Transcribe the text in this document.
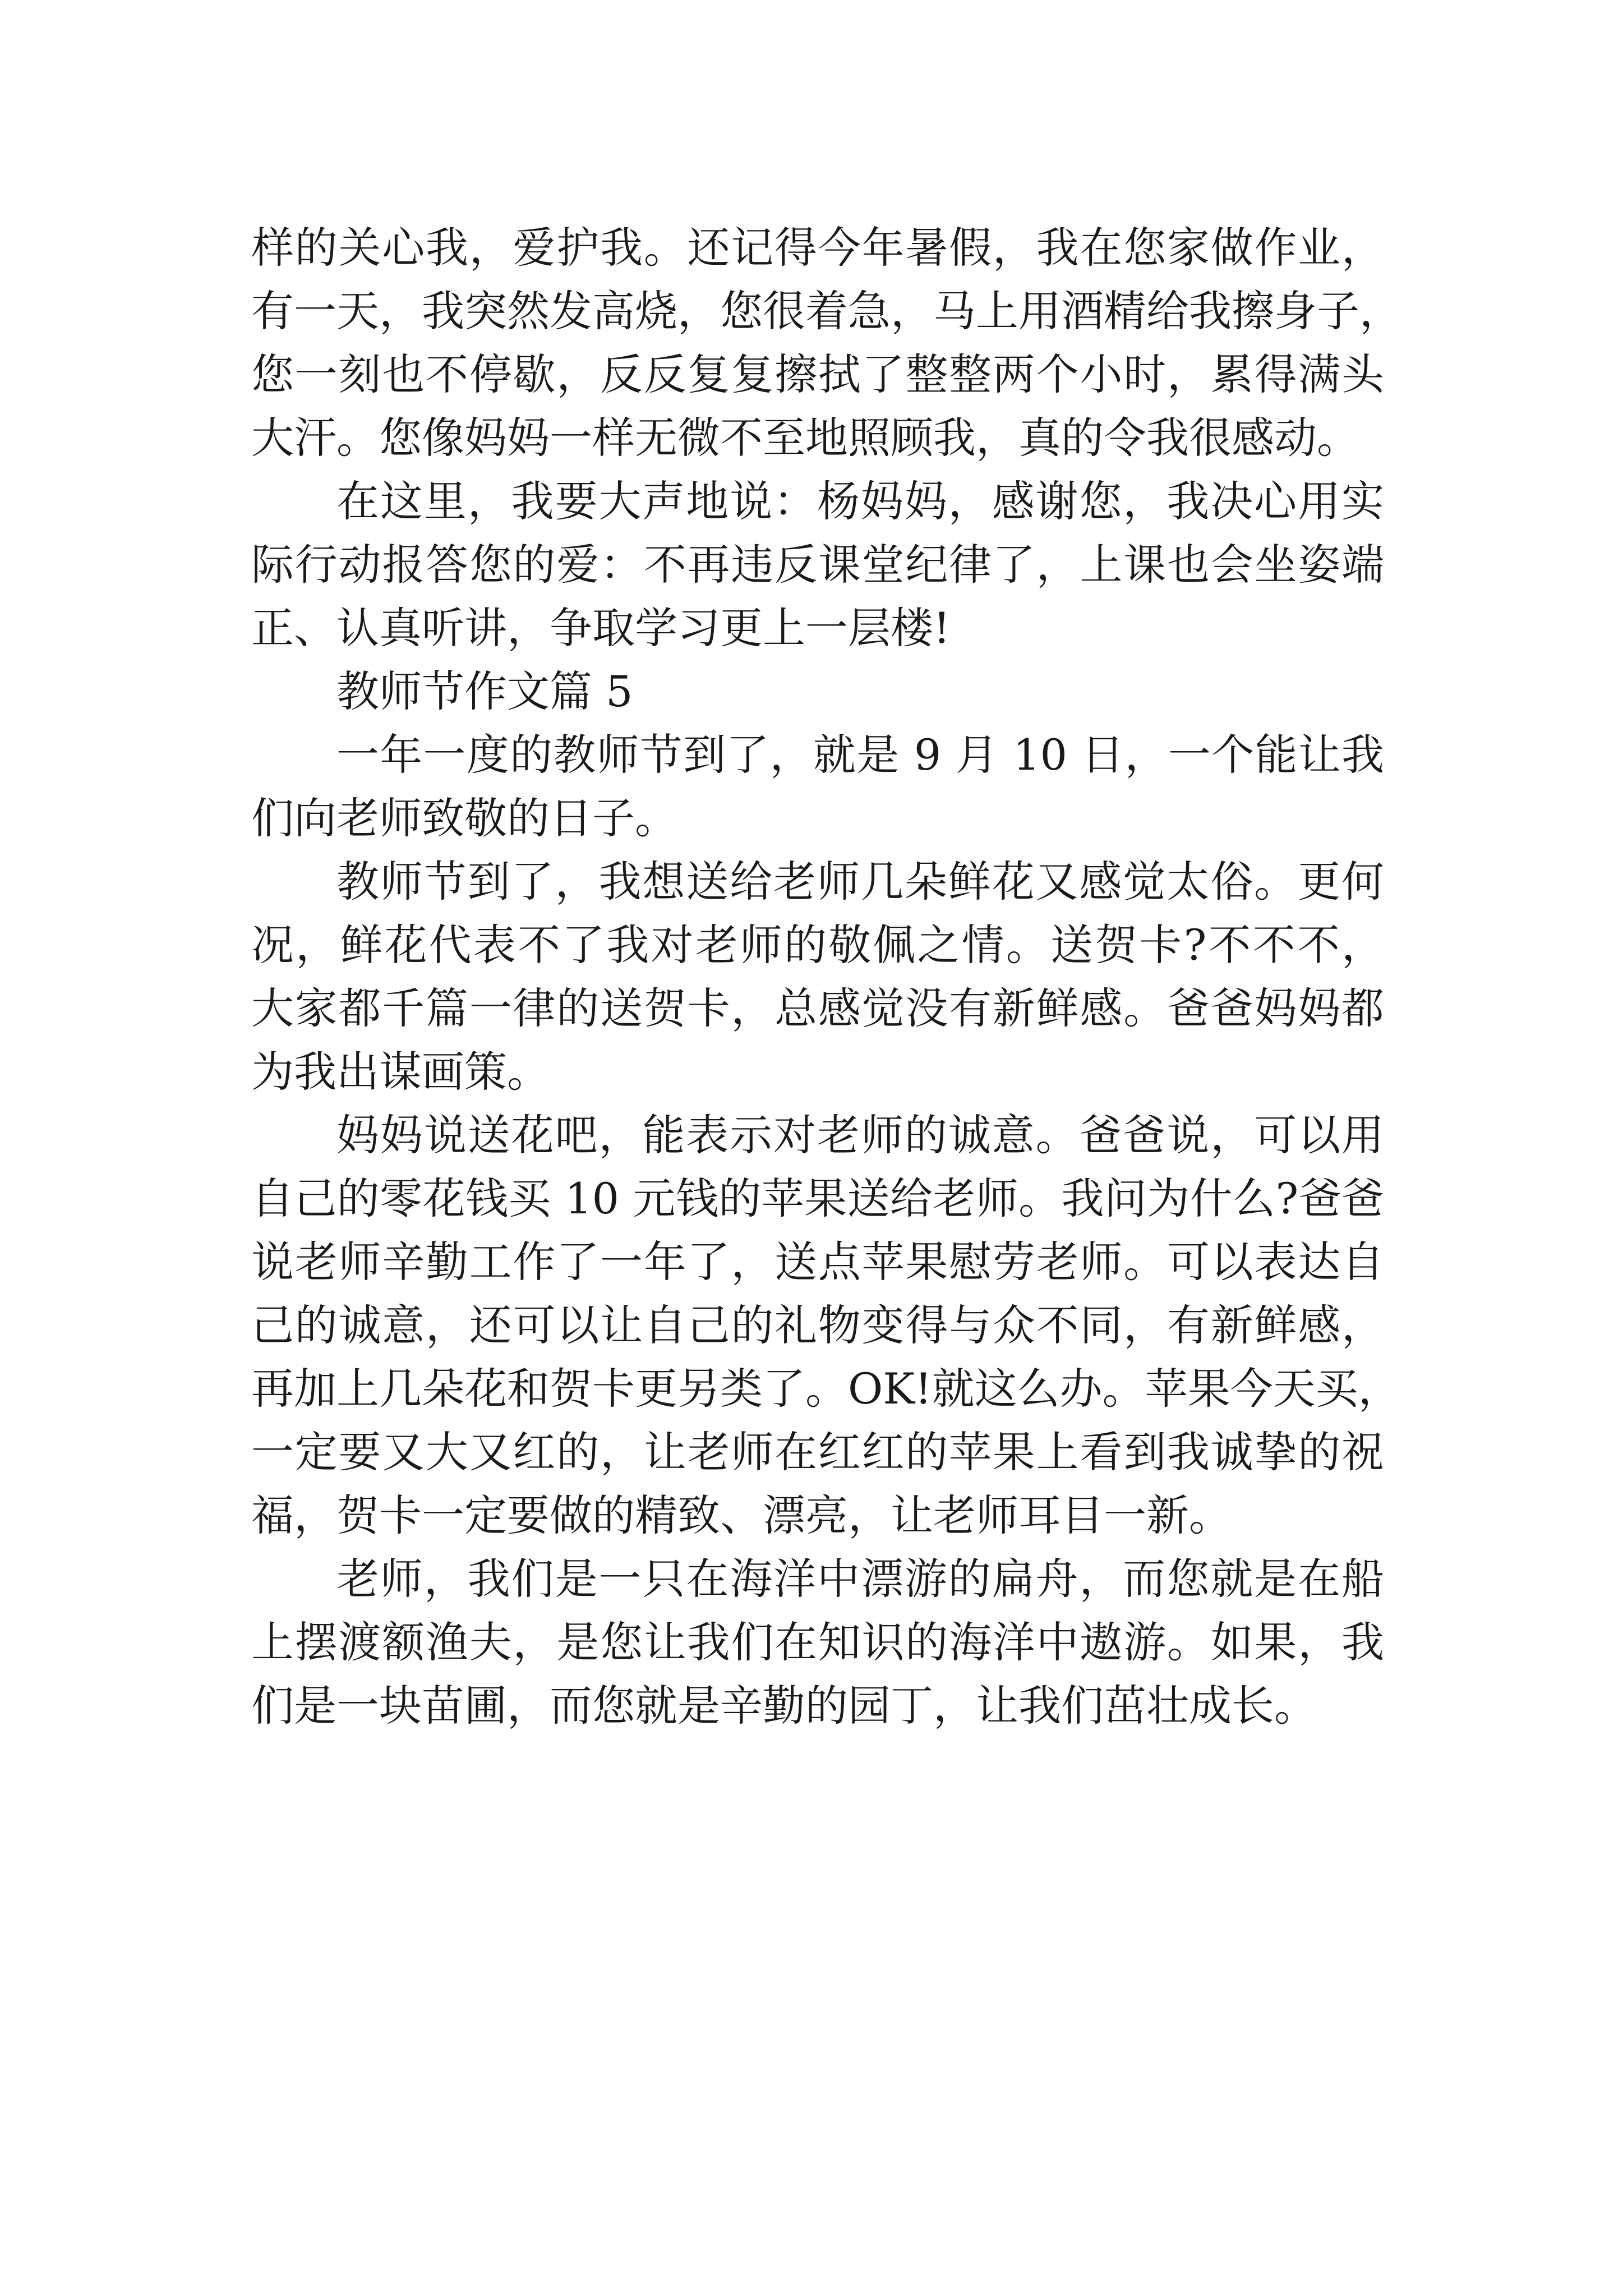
样的关心我，爱护我。还记得今年暑假，我在您家做作业，
有一天，我突然发高烧，您很着急，马上用酒精给我擦身子，
您一刻也不停歇，反反复复擦拭了整整两个小时，累得满头
大汗。您像妈妈一样无微不至地照顾我，真的令我很感动。
在这里，我要大声地说：杨妈妈，感谢您，我决心用实
际行动报答您的爱：不再违反课堂纪律了，上课也会坐姿端
正、认真听讲，争取学习更上一层楼!
教师节作文篇 5
一年一度的教师节到了，就是 9 月 10 日，一个能让我
们向老师致敬的日子。
教师节到了，我想送给老师几朵鲜花又感觉太俗。更何
况，鲜花代表不了我对老师的敬佩之情。送贺卡?不不不，
大家都千篇一律的送贺卡，总感觉没有新鲜感。爸爸妈妈都
为我出谋画策。
妈妈说送花吧，能表示对老师的诚意。爸爸说，可以用
自己的零花钱买 10 元钱的苹果送给老师。我问为什么?爸爸
说老师辛勤工作了一年了，送点苹果慰劳老师。可以表达自
己的诚意，还可以让自己的礼物变得与众不同，有新鲜感，
再加上几朵花和贺卡更另类了。OK!就这么办。苹果今天买，
一定要又大又红的，让老师在红红的苹果上看到我诚挚的祝
福，贺卡一定要做的精致、漂亮，让老师耳目一新。
老师，我们是一只在海洋中漂游的扁舟，而您就是在船
上摆渡额渔夫，是您让我们在知识的海洋中遨游。如果，我
们是一块苗圃，而您就是辛勤的园丁，让我们茁壮成长。
